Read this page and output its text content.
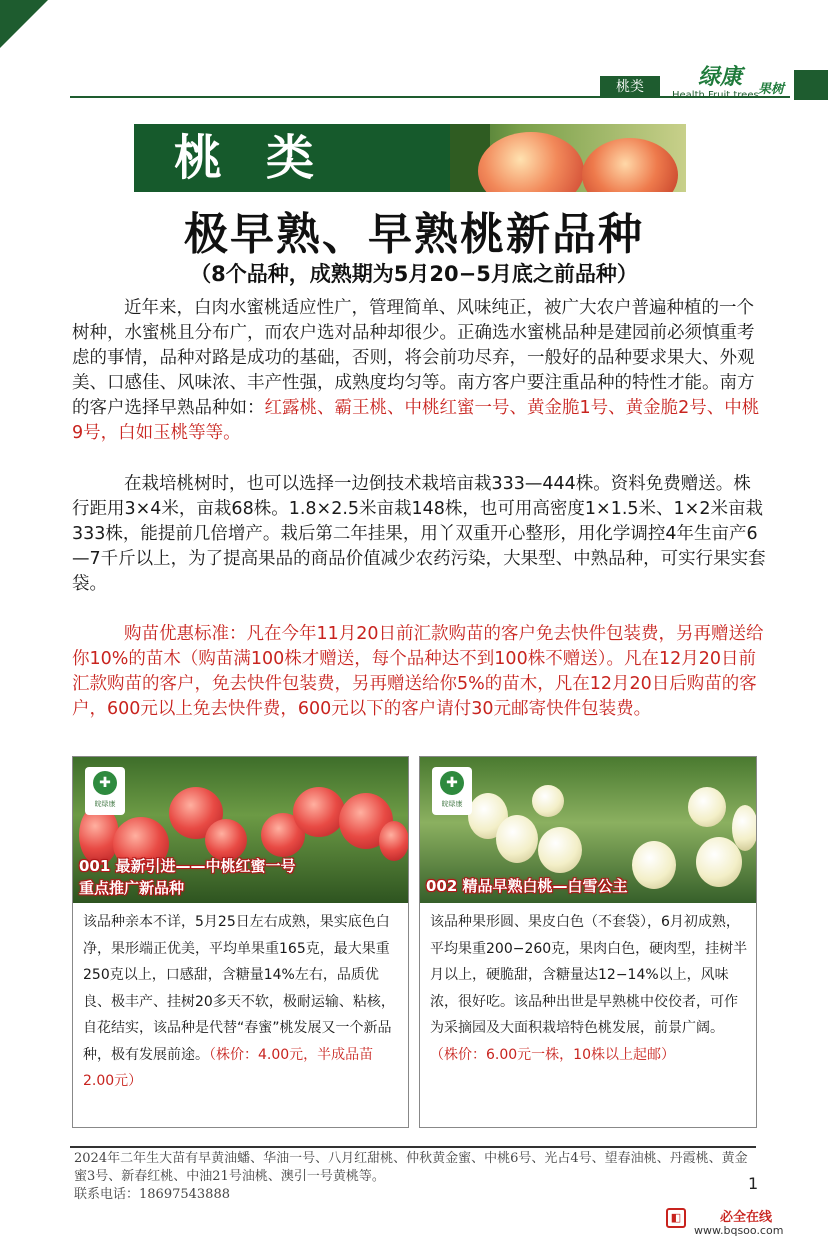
桃类	绿康 果树
Health Fruit trees
桃类
极早熟、早熟桃新品种
（8个品种，成熟期为5月20−5月底之前品种）
近年来，白肉水蜜桃适应性广，管理简单、风味纯正，被广大农户普遍种植的一个树种，水蜜桃且分布广，而农户选对品种却很少。正确选水蜜桃品种是建园前必须慎重考虑的事情，品种对路是成功的基础，否则，将会前功尽弃，一般好的品种要求果大、外观美、口感佳、风味浓、丰产性强，成熟度均匀等。南方客户要注重品种的特性才能。南方的客户选择早熟品种如：红露桃、霸王桃、中桃红蜜一号、黄金脆1号、黄金脆2号、中桃9号，白如玉桃等等。
在栽培桃树时，也可以选择一边倒技术栽培亩栽333—444株。资料免费赠送。株行距用3×4米，亩栽68株。1.8×2.5米亩栽148株，也可用高密度1×1.5米、1×2米亩栽333株，能提前几倍增产。栽后第二年挂果，用丫双重开心整形，用化学调控4年生亩产6—7千斤以上，为了提高果品的商品价值减少农药污染，大果型、中熟品种，可实行果实套袋。
购苗优惠标准：凡在今年11月20日前汇款购苗的客户免去快件包装费，另再赠送给你10%的苗木（购苗满100株才赠送，每个品种达不到100株不赠送）。凡在12月20日前汇款购苗的客户，免去快件包装费，另再赠送给你5%的苗木，凡在12月20日后购苗的客户，600元以上免去快件费，600元以下的客户请付30元邮寄快件包装费。
✚
皖绿康
001 最新引进——中桃红蜜一号
重点推广新品种
该品种亲本不详，5月25日左右成熟，果实底色白净，果形端正优美，平均单果重165克，最大果重250克以上，口感甜，含糖量14%左右，品质优良、极丰产、挂树20多天不软，极耐运输、粘核，自花结实，该品种是代替“春蜜”桃发展又一个新品种，极有发展前途。（株价：4.00元，半成品苗2.00元）
✚
皖绿康
002 精品早熟白桃—白雪公主
该品种果形圆、果皮白色（不套袋），6月初成熟，平均果重200−260克，果肉白色，硬肉型，挂树半月以上，硬脆甜，含糖量达12−14%以上，风味浓，很好吃。该品种出世是早熟桃中佼佼者，可作为采摘园及大面积栽培特色桃发展，前景广阔。
（株价：6.00元一株，10株以上起邮）
2024年二年生大苗有早黄油蟠、华油一号、八月红甜桃、仲秋黄金蜜、中桃6号、光占4号、望春油桃、丹霞桃、黄金蜜3号、新春红桃、中油21号油桃、澳引一号黄桃等。
联系电话：18697543888
1
◧	必全在线
www.bqsoo.com
